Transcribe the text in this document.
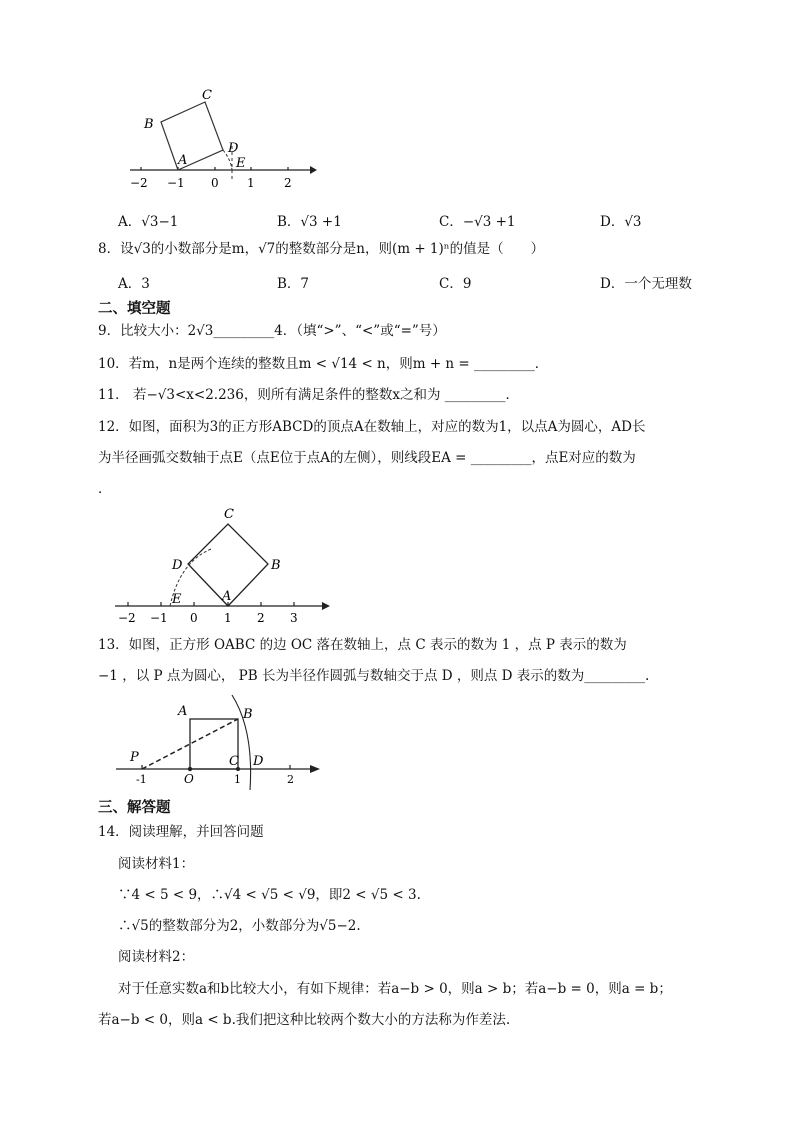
B
C
D
A	E
−2 −1 0 1 2
A．√3−1	B．√3 +1	C．−√3 +1	D．√3
8．设√3的小数部分是m，√7的整数部分是n，则(m + 1)ⁿ的值是（　　）
A．3	B．7	C．9	D．一个无理数
二、填空题
9．比较大小：2√3_________4．（填“>”、“<”或“=”号）
10．若m，n是两个连续的整数且m < √14 < n，则m + n = _________．
11． 若−√3<x<2.236，则所有满足条件的整数x之和为 _________．
12．如图，面积为3的正方形ABCD的顶点A在数轴上，对应的数为1，以点A为圆心，AD长
为半径画弧交数轴于点E（点E位于点A的左侧），则线段EA = _________，点E对应的数为
．
C
B
D
A
E
−2 −1 0 1 2 3
13．如图，正方形 OABC 的边 OC 落在数轴上，点 C 表示的数为 1 ，点 P 表示的数为
−1 ，以 P 点为圆心， PB 长为半径作圆弧与数轴交于点 D ，则点 D 表示的数为_________.
A	B
P
O
C D
-1	1	2
三、解答题
14．阅读理解，并回答问题
阅读材料1：
∵4 < 5 < 9，∴√4 < √5 < √9，即2 < √5 < 3.
∴√5的整数部分为2，小数部分为√5−2.
阅读材料2：
对于任意实数a和b比较大小，有如下规律：若a−b > 0，则a > b；若a−b = 0，则a = b；
若a−b < 0，则a < b.我们把这种比较两个数大小的方法称为作差法.
